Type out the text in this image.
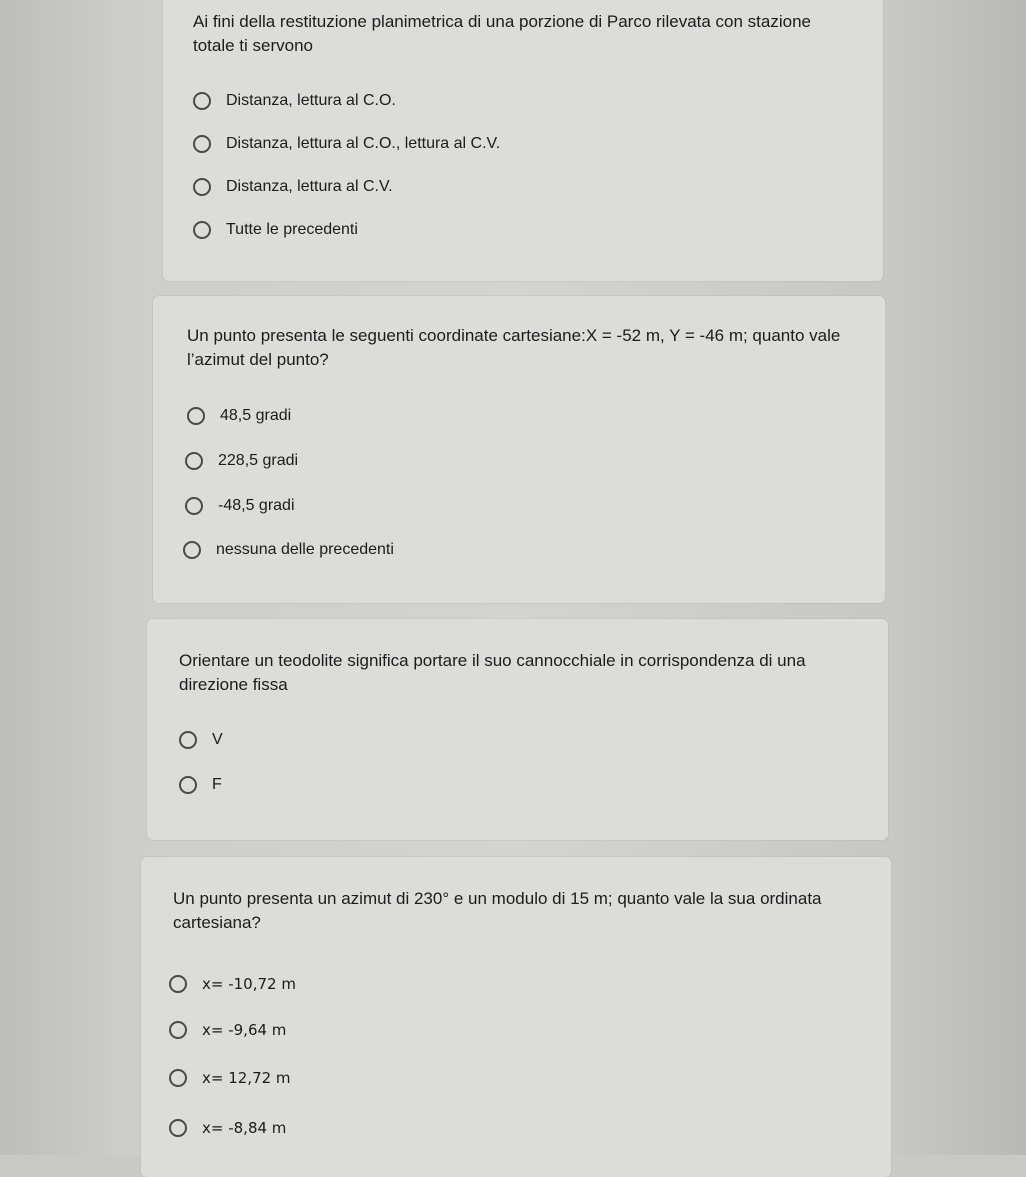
Ai fini della restituzione planimetrica di una porzione di Parco rilevata con stazione totale ti servono

Distanza, lettura al C.O.
Distanza, lettura al C.O., lettura al C.V.
Distanza, lettura al C.V.
Tutte le precedenti

Un punto presenta le seguenti coordinate cartesiane:X = -52 m, Y = -46 m; quanto vale l’azimut del punto?

48,5 gradi
228,5 gradi
-48,5 gradi
nessuna delle precedenti

Orientare un teodolite significa portare il suo cannocchiale in corrispondenza di una direzione fissa

V
F

Un punto presenta un azimut di 230° e un modulo di 15 m; quanto vale la sua ordinata cartesiana?

x= -10,72 m
x= -9,64 m
x= 12,72 m
x= -8,84 m
